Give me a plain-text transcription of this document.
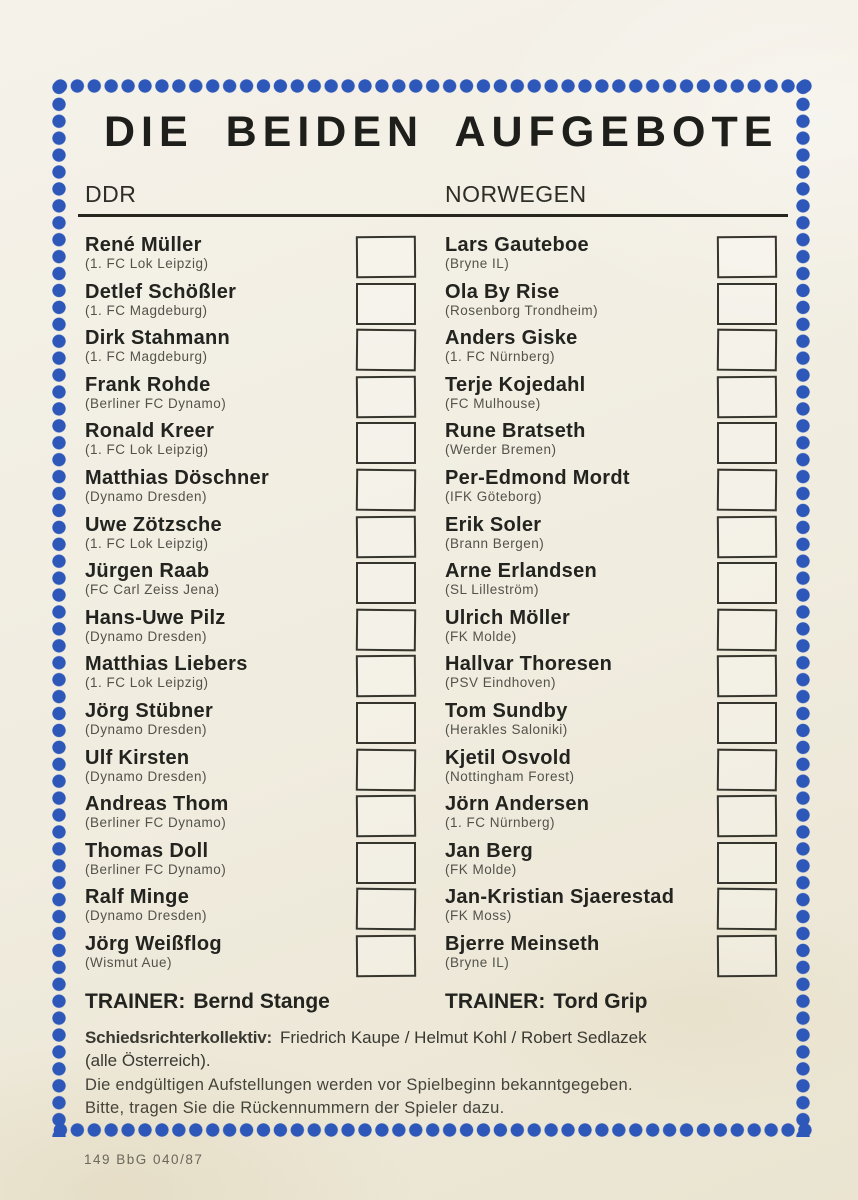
DIE BEIDEN AUFGEBOTE
DDR	NORWEGEN
René Müller
(1. FC Lok Leipzig)
Detlef Schößler
(1. FC Magdeburg)
Dirk Stahmann
(1. FC Magdeburg)
Frank Rohde
(Berliner FC Dynamo)
Ronald Kreer
(1. FC Lok Leipzig)
Matthias Döschner
(Dynamo Dresden)
Uwe Zötzsche
(1. FC Lok Leipzig)
Jürgen Raab
(FC Carl Zeiss Jena)
Hans-Uwe Pilz
(Dynamo Dresden)
Matthias Liebers
(1. FC Lok Leipzig)
Jörg Stübner
(Dynamo Dresden)
Ulf Kirsten
(Dynamo Dresden)
Andreas Thom
(Berliner FC Dynamo)
Thomas Doll
(Berliner FC Dynamo)
Ralf Minge
(Dynamo Dresden)
Jörg Weißflog
(Wismut Aue)
Lars Gauteboe
(Bryne IL)
Ola By Rise
(Rosenborg Trondheim)
Anders Giske
(1. FC Nürnberg)
Terje Kojedahl
(FC Mulhouse)
Rune Bratseth
(Werder Bremen)
Per-Edmond Mordt
(IFK Göteborg)
Erik Soler
(Brann Bergen)
Arne Erlandsen
(SL Lilleström)
Ulrich Möller
(FK Molde)
Hallvar Thoresen
(PSV Eindhoven)
Tom Sundby
(Herakles Saloniki)
Kjetil Osvold
(Nottingham Forest)
Jörn Andersen
(1. FC Nürnberg)
Jan Berg
(FK Molde)
Jan-Kristian Sjaerestad
(FK Moss)
Bjerre Meinseth
(Bryne IL)
TRAINER: Bernd Stange	TRAINER: Tord Grip
Schiedsrichterkollektiv: Friedrich Kaupe / Helmut Kohl / Robert Sedlazek
(alle Österreich).
Die endgültigen Aufstellungen werden vor Spielbeginn bekanntgegeben.
Bitte, tragen Sie die Rückennummern der Spieler dazu.
149 BbG 040/87
